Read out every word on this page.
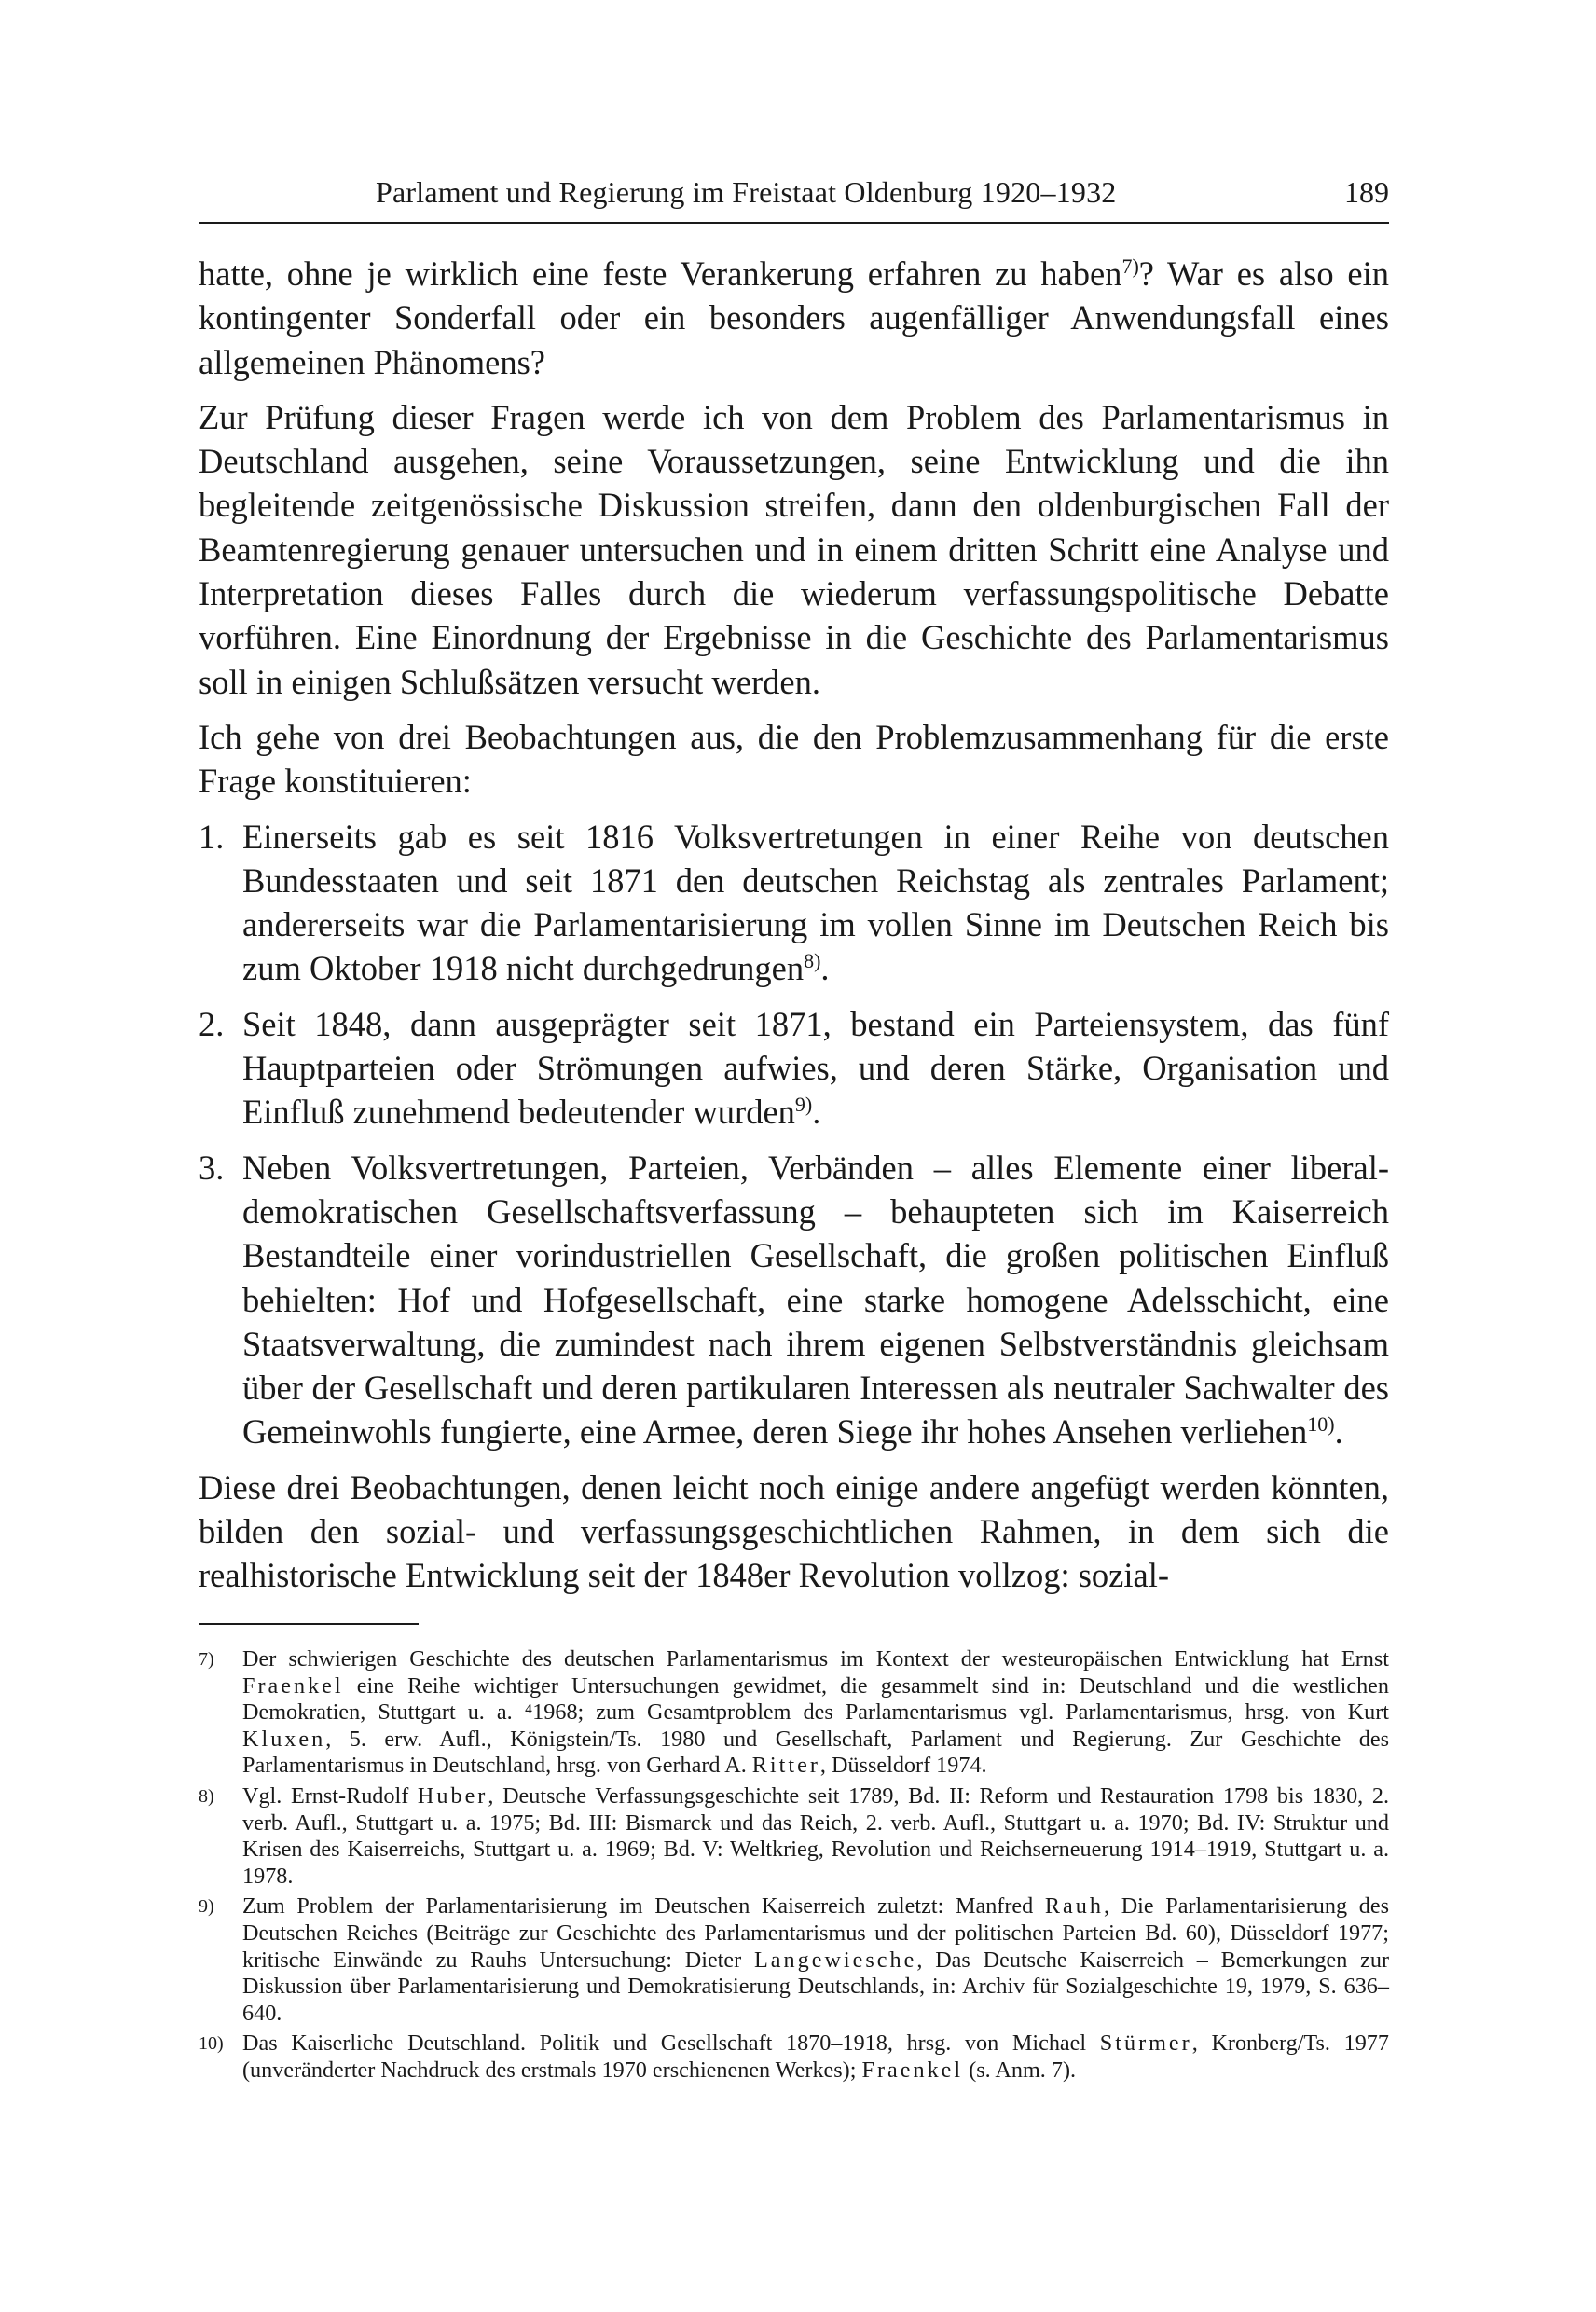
Parlament und Regierung im Freistaat Oldenburg 1920–1932	189

hatte, ohne je wirklich eine feste Verankerung erfahren zu haben$^{7)}$? War es also ein kontingenter Sonderfall oder ein besonders augenfälliger Anwendungsfall eines allgemeinen Phänomens?

Zur Prüfung dieser Fragen werde ich von dem Problem des Parlamentarismus in Deutschland ausgehen, seine Voraussetzungen, seine Entwicklung und die ihn begleitende zeitgenössische Diskussion streifen, dann den oldenburgischen Fall der Beamtenregierung genauer untersuchen und in einem dritten Schritt eine Analyse und Interpretation dieses Falles durch die wiederum verfassungspolitische Debatte vorführen. Eine Einordnung der Ergebnisse in die Geschichte des Parlamentarismus soll in einigen Schlußsätzen versucht werden.

Ich gehe von drei Beobachtungen aus, die den Problemzusammenhang für die erste Frage konstituieren:

1. Einerseits gab es seit 1816 Volksvertretungen in einer Reihe von deutschen Bundesstaaten und seit 1871 den deutschen Reichstag als zentrales Parlament; andererseits war die Parlamentarisierung im vollen Sinne im Deutschen Reich bis zum Oktober 1918 nicht durchgedrungen$^{8)}$.
2. Seit 1848, dann ausgeprägter seit 1871, bestand ein Parteiensystem, das fünf Hauptparteien oder Strömungen aufwies, und deren Stärke, Organisation und Einfluß zunehmend bedeutender wurden$^{9)}$.
3. Neben Volksvertretungen, Parteien, Verbänden – alles Elemente einer liberaldemokratischen Gesellschaftsverfassung – behaupteten sich im Kaiserreich Bestandteile einer vorindustriellen Gesellschaft, die großen politischen Einfluß behielten: Hof und Hofgesellschaft, eine starke homogene Adelsschicht, eine Staatsverwaltung, die zumindest nach ihrem eigenen Selbstverständnis gleichsam über der Gesellschaft und deren partikularen Interessen als neutraler Sachwalter des Gemeinwohls fungierte, eine Armee, deren Siege ihr hohes Ansehen verliehen$^{10)}$.

Diese drei Beobachtungen, denen leicht noch einige andere angefügt werden könnten, bilden den sozial- und verfassungsgeschichtlichen Rahmen, in dem sich die realhistorische Entwicklung seit der 1848er Revolution vollzog: sozial-

7) Der schwierigen Geschichte des deutschen Parlamentarismus im Kontext der westeuropäischen Entwicklung hat Ernst Fraenkel eine Reihe wichtiger Untersuchungen gewidmet, die gesammelt sind in: Deutschland und die westlichen Demokratien, Stuttgart u. a. ⁴1968; zum Gesamtproblem des Parlamentarismus vgl. Parlamentarismus, hrsg. von Kurt Kluxen, 5. erw. Aufl., Königstein/Ts. 1980 und Gesellschaft, Parlament und Regierung. Zur Geschichte des Parlamentarismus in Deutschland, hrsg. von Gerhard A. Ritter, Düsseldorf 1974.
8) Vgl. Ernst-Rudolf Huber, Deutsche Verfassungsgeschichte seit 1789, Bd. II: Reform und Restauration 1798 bis 1830, 2. verb. Aufl., Stuttgart u. a. 1975; Bd. III: Bismarck und das Reich, 2. verb. Aufl., Stuttgart u. a. 1970; Bd. IV: Struktur und Krisen des Kaiserreichs, Stuttgart u. a. 1969; Bd. V: Weltkrieg, Revolution und Reichserneuerung 1914–1919, Stuttgart u. a. 1978.
9) Zum Problem der Parlamentarisierung im Deutschen Kaiserreich zuletzt: Manfred Rauh, Die Parlamentarisierung des Deutschen Reiches (Beiträge zur Geschichte des Parlamentarismus und der politischen Parteien Bd. 60), Düsseldorf 1977; kritische Einwände zu Rauhs Untersuchung: Dieter Langewiesche, Das Deutsche Kaiserreich – Bemerkungen zur Diskussion über Parlamentarisierung und Demokratisierung Deutschlands, in: Archiv für Sozialgeschichte 19, 1979, S. 636–640.
10) Das Kaiserliche Deutschland. Politik und Gesellschaft 1870–1918, hrsg. von Michael Stürmer, Kronberg/Ts. 1977 (unveränderter Nachdruck des erstmals 1970 erschienenen Werkes); Fraenkel (s. Anm. 7).
